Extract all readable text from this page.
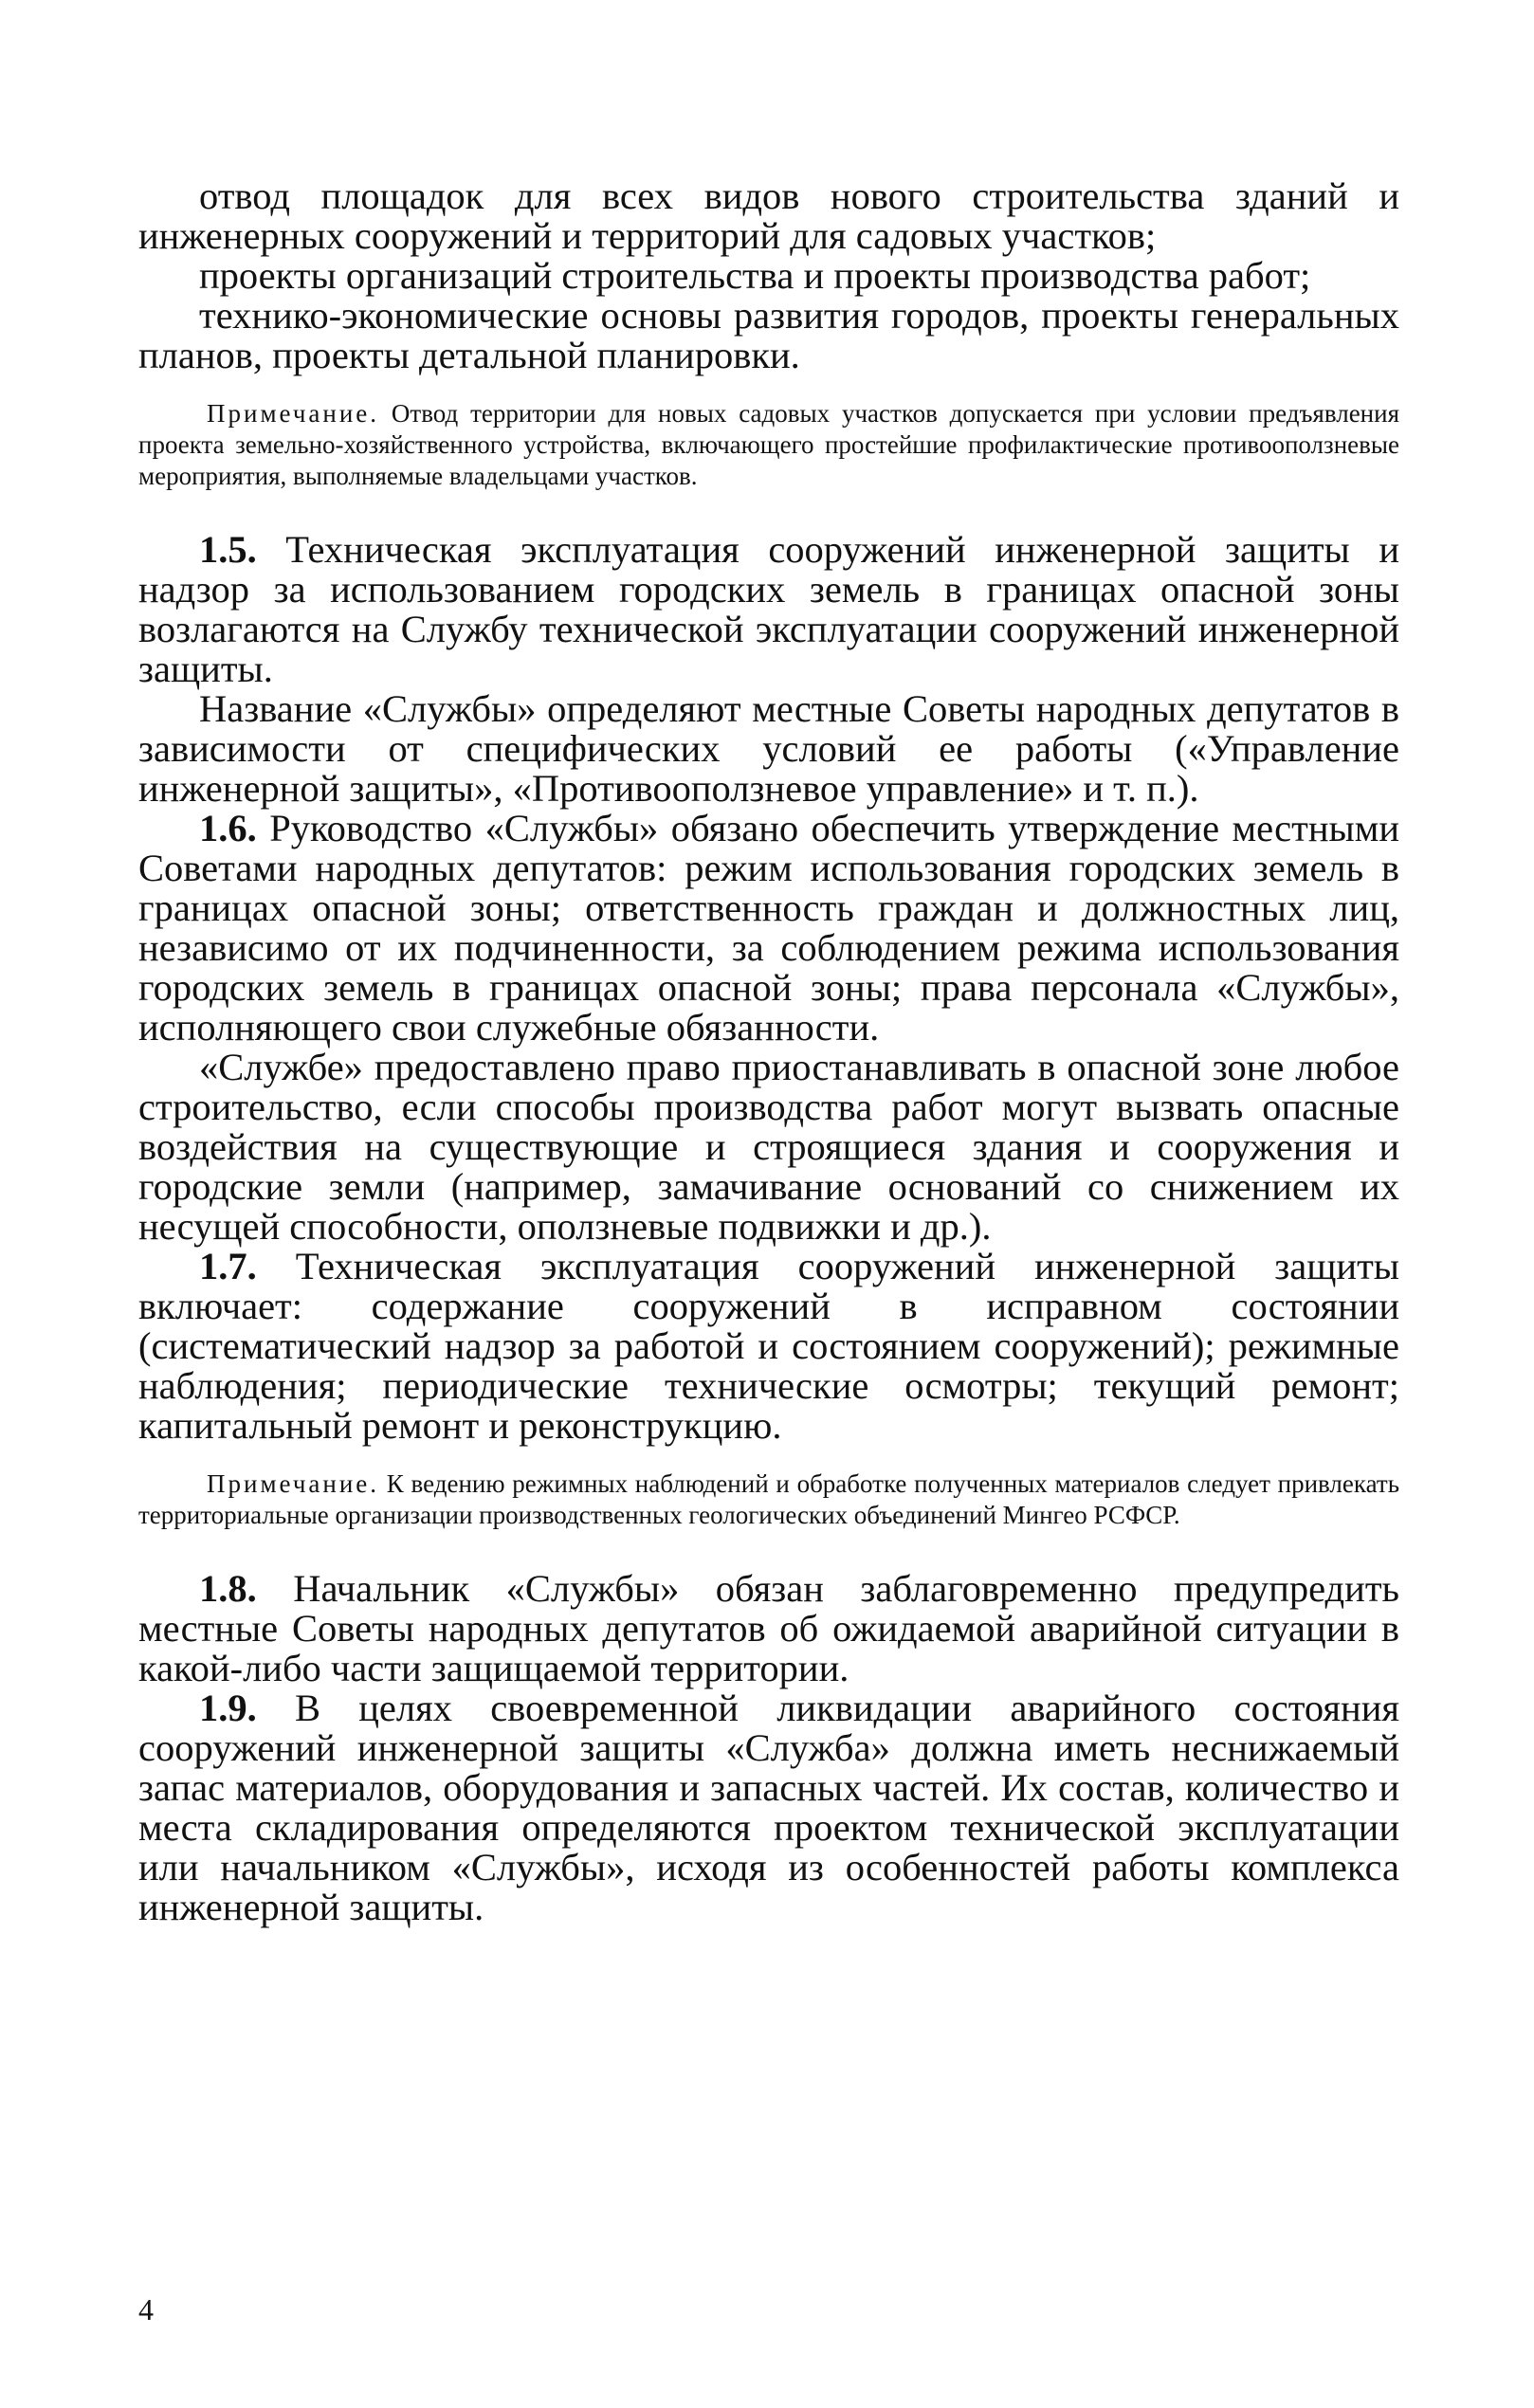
отвод площадок для всех видов нового строительства зданий и инженерных сооружений и территорий для садовых участков;

проекты организаций строительства и проекты производства работ;

технико-экономические основы развития городов, проекты генеральных планов, проекты детальной планировки.

Примечание. Отвод территории для новых садовых участков допускается при условии предъявления проекта земельно-хозяйственного устройства, включающего простейшие профилактические противооползневые мероприятия, выполняемые владельцами участков.

1.5. Техническая эксплуатация сооружений инженерной защиты и надзор за использованием городских земель в границах опасной зоны возлагаются на Службу технической эксплуатации сооружений инженерной защиты.

Название «Службы» определяют местные Советы народных депутатов в зависимости от специфических условий ее работы («Управление инженерной защиты», «Противооползневое управление» и т. п.).

1.6. Руководство «Службы» обязано обеспечить утверждение местными Советами народных депутатов: режим использования городских земель в границах опасной зоны; ответственность граждан и должностных лиц, независимо от их подчиненности, за соблюдением режима использования городских земель в границах опасной зоны; права персонала «Службы», исполняющего свои служебные обязанности.

«Службе» предоставлено право приостанавливать в опасной зоне любое строительство, если способы производства работ могут вызвать опасные воздействия на существующие и строящиеся здания и сооружения и городские земли (например, замачивание оснований со снижением их несущей способности, оползневые подвижки и др.).

1.7. Техническая эксплуатация сооружений инженерной защиты включает: содержание сооружений в исправном состоянии (систематический надзор за работой и состоянием сооружений); режимные наблюдения; периодические технические осмотры; текущий ремонт; капитальный ремонт и реконструкцию.

Примечание. К ведению режимных наблюдений и обработке полученных материалов следует привлекать территориальные организации производственных геологических объединений Мингео РСФСР.

1.8. Начальник «Службы» обязан заблаговременно предупредить местные Советы народных депутатов об ожидаемой аварийной ситуации в какой-либо части защищаемой территории.

1.9. В целях своевременной ликвидации аварийного состояния сооружений инженерной защиты «Служба» должна иметь неснижаемый запас материалов, оборудования и запасных частей. Их состав, количество и места складирования определяются проектом технической эксплуатации или начальником «Службы», исходя из особенностей работы комплекса инженерной защиты.

4
